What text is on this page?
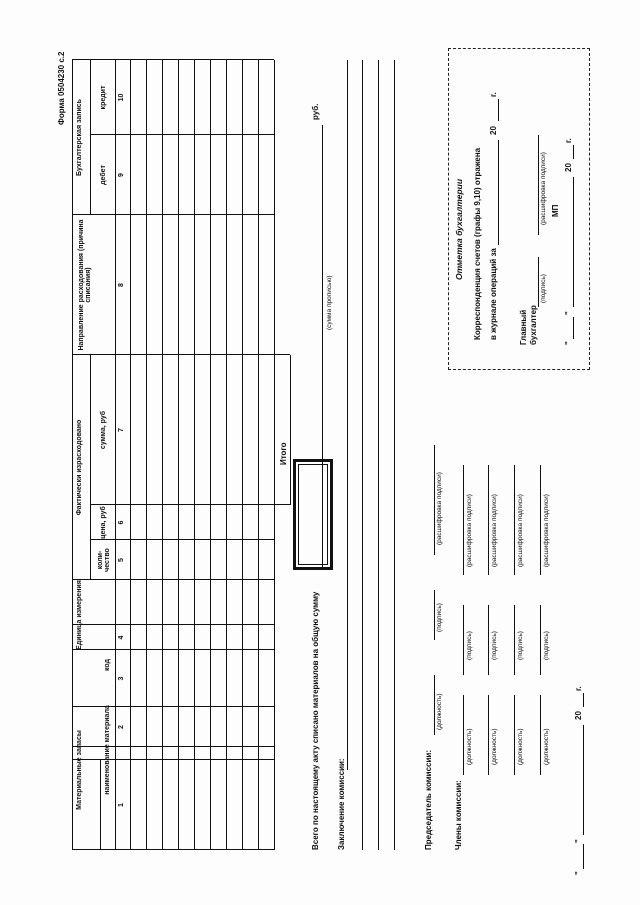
Форма 0504230 с.2
Материальные запасы	наименование материала
код
Единица измерения
Фактически израсходовано
коли-чество
цена, руб
сумма, руб
Направление расходования (причина списания)
Бухгалтерская запись дебет
кредит
1
2
3
4
5
6
7
8
9
10
Итого
Всего по настоящему акту списано материалов на общую сумму
руб.
(сумма прописью)
Заключение комиссии:	Председатель комиссии:
(должность)
(подпись)
(расшифровка подписи)
Члены комиссии:
(должность)
(подпись)
(расшифровка подписи)
(должность)
(подпись)
(расшифровка подписи)
(должность)
(подпись)
(расшифровка подписи)
(должность)
(подпись)
(расшифровка подписи)
"
"
20
г.
Отметка бухгалтерии Корреспонденция счетов (графы 9,10) отражена в журнале операций за
20
г.
Главный бухгалтер
(подпись)
(расшифровка подписи) МП
"
"
20
г.
